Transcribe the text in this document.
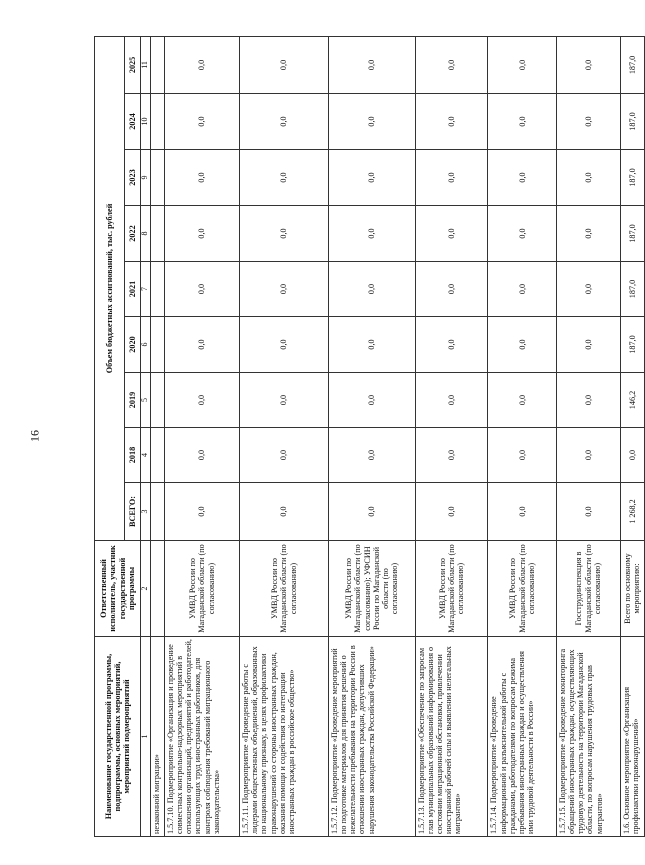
16
Наименование государственной программы, подпрограммы, основных мероприятий, мероприятий подмероприятий	Ответственный исполнитель, участник государственной программы	Объем бюджетных ассигнований, тыс. рублей								
		ВСЕГО:	2018	2019	2020	2021	2022	2023	2024	2025
1	2	3	4	5	6	7	8	9	10	11
незаконной миграции»										
1.5.7.10. Подмероприятие «Организация и проведение совместных контрольно-надзорных мероприятий в отношении организаций, предприятий и работодателей, использующих труд иностранных работников, для контроля соблюдения требований миграционного законодательства»	УМВД России по Магаданской области (по согласованию)	0,0	0,0	0,0	0,0	0,0	0,0	0,0	0,0	0,0
1.5.7.11. Подмероприятие «Проведение работы с лидерами общественных объединений, образованных по национальному признаку, в целях профилактики правонарушений со стороны иностранных граждан, оказания помощи и содействия по интеграции иностранных граждан в российское общество»	УМВД России по Магаданской области (по согласованию)	0,0	0,0	0,0	0,0	0,0	0,0	0,0	0,0	0,0
1.5.7.12. Подмероприятие «Проведение мероприятий по подготовке материалов для принятия решений о нежелательности пребывания на территории России в отношении иностранных граждан, допустивших нарушения законодательства Российской Федерации»	УМВД России по Магаданской области (по согласованию); УФСИН России по Магаданской области (по согласованию)	0,0	0,0	0,0	0,0	0,0	0,0	0,0	0,0	0,0
1.5.7.13. Подмероприятие «Обеспечение по запросам глав муниципальных образований информирования о состоянии миграционной обстановки, привлечении иностранной рабочей силы и выявлении нелегальных мигрантов»	УМВД России по Магаданской области (по согласованию)	0,0	0,0	0,0	0,0	0,0	0,0	0,0	0,0	0,0
1.5.7.14. Подмероприятие «Проведение информационной и разъяснительной работы с гражданами, работодателями по вопросам режима пребывания иностранных граждан и осуществления ими трудовой деятельности в России»	УМВД России по Магаданской области (по согласованию)	0,0	0,0	0,0	0,0	0,0	0,0	0,0	0,0	0,0
1.5.7.15. Подмероприятие «Проведение мониторинга обращений иностранных граждан, осуществляющих трудовую деятельность на территории Магаданской области, по вопросам нарушения трудовых прав мигрантов»	Госструдинспекция в Магаданской области (по согласованию)	0,0	0,0	0,0	0,0	0,0	0,0	0,0	0,0	0,0
1.6. Основное мероприятие «Организация профилактики правонарушений»	Всего по основному мероприятию:	1 268,2	0,0	146,2	187,0	187,0	187,0	187,0	187,0	187,0
